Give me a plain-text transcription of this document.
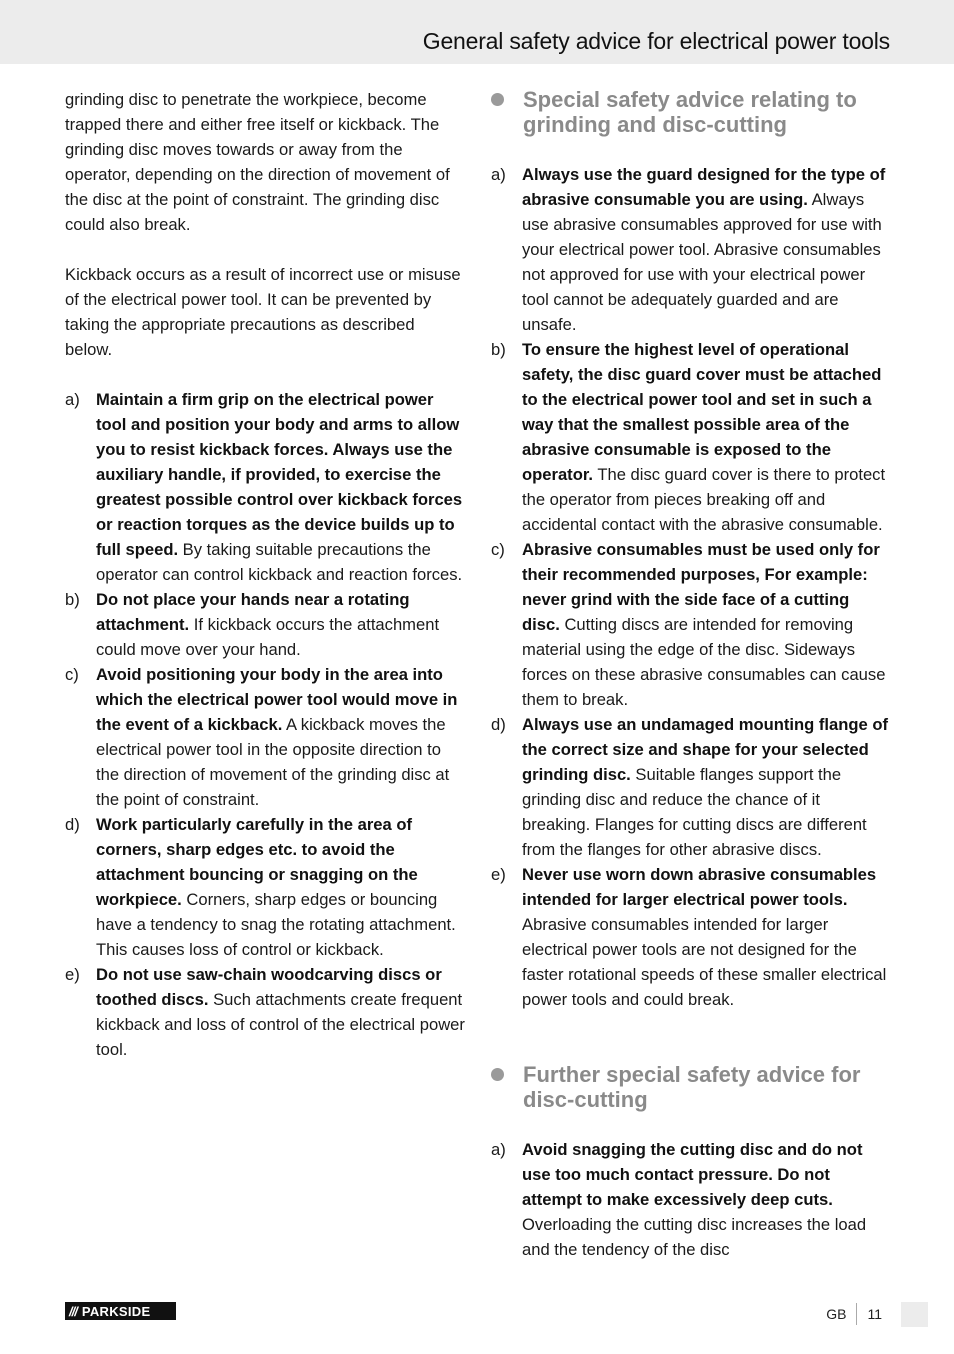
General safety advice for electrical power tools

grinding disc to penetrate the workpiece, become trapped there and either free itself or kickback. The grinding disc moves towards or away from the operator, depending on the direction of movement of the disc at the point of constraint. The grinding disc could also break.

Kickback occurs as a result of incorrect use or misuse of the electrical power tool. It can be prevented by taking the appropriate precautions as described below.

a) Maintain a firm grip on the electrical power tool and position your body and arms to allow you to resist kickback forces. Always use the auxiliary handle, if provided, to exercise the greatest possible control over kickback forces or reaction torques as the device builds up to full speed. By taking suitable precautions the operator can control kickback and reaction forces.
b) Do not place your hands near a rotating attachment. If kickback occurs the attachment could move over your hand.
c)	Avoid positioning your body in the area into which the electrical power tool would move in the event of a kickback. A kickback moves the electrical power tool in the opposite direction to the direction of movement of the grinding disc at the point of constraint.
d) Work particularly carefully in the area of corners, sharp edges etc. to avoid the attachment bouncing or snagging on the workpiece. Corners, sharp edges or bouncing have a tendency to snag the rotating attachment. This causes loss of control or kickback.
e) Do not use saw-chain woodcarving discs or toothed discs. Such attachments create frequent kickback and loss of control of the electrical power tool.
Special safety advice relating to grinding and disc-cutting
a) Always use the guard designed for the type of abrasive consumable you are using. Always use abrasive consumables approved for use with your electrical power tool. Abrasive consumables not approved for use with your electrical power tool cannot be adequately guarded and are unsafe.
b) To ensure the highest level of operational safety, the disc guard cover must be attached to the electrical power tool and set in such a way that the smallest possible area of the abrasive consumable is exposed to the operator. The disc guard cover is there to protect the operator from pieces breaking off and accidental contact with the abrasive consumable.
c)	Abrasive consumables must be used only for their recommended purposes, For example: never grind with the side face of a cutting disc. Cutting discs are intended for removing material using the edge of the disc. Sideways forces on these abrasive consumables can cause them to break.
d) Always use an undamaged mounting flange of the correct size and shape for your selected grinding disc. Suitable flanges support the grinding disc and reduce the chance of it breaking. Flanges for cutting discs are different from the flanges for other abrasive discs.
e) Never use worn down abrasive consumables intended for larger electrical power tools. Abrasive consumables intended for larger electrical power tools are not designed for the faster rotational speeds of these smaller electrical power tools and could break.
Further special safety advice for disc-cutting
a) Avoid snagging the cutting disc and do not use too much contact pressure. Do not attempt to make excessively deep cuts. Overloading the cutting disc increases the load and the tendency of the disc
/// PARKSIDE	GB 11
